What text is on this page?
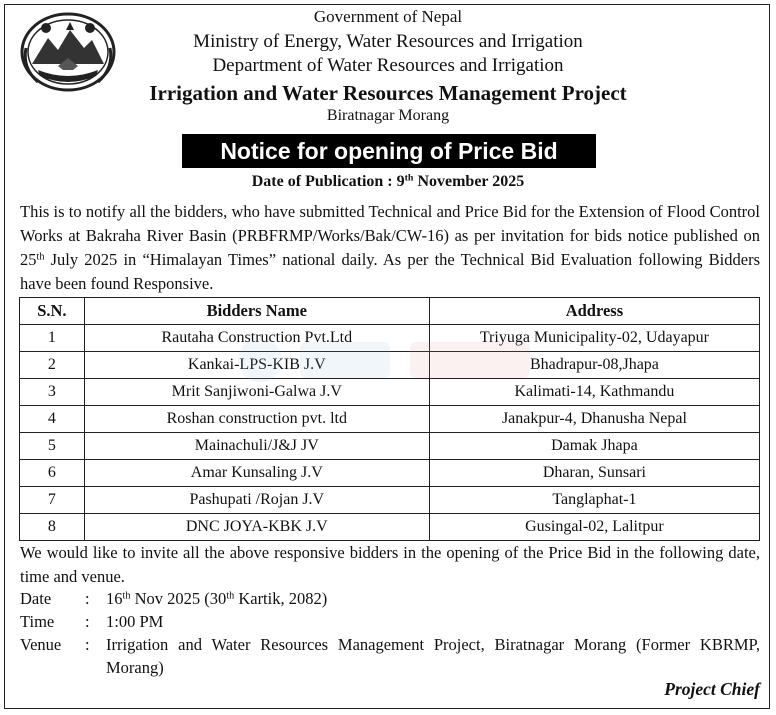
Government of Nepal
Ministry of Energy, Water Resources and Irrigation
Department of Water Resources and Irrigation
Irrigation and Water Resources Management Project
Biratnagar Morang
Notice for opening of Price Bid
Date of Publication : 9th November 2025
This is to notify all the bidders, who have submitted Technical and Price Bid for the Extension of Flood Control Works at Bakraha River Basin (PRBFRMP/Works/Bak/CW-16) as per invitation for bids notice published on 25th July 2025 in “Himalayan Times” national daily. As per the Technical Bid Evaluation following Bidders have been found Responsive.
S.N.	Bidders Name	Address
1	Rautaha Construction Pvt.Ltd	Triyuga Municipality-02, Udayapur
2	Kankai-LPS-KIB J.V	Bhadrapur-08,Jhapa
3	Mrit Sanjiwoni-Galwa J.V	Kalimati-14, Kathmandu
4	Roshan construction pvt. ltd	Janakpur-4, Dhanusha Nepal
5	Mainachuli/J&J JV	Damak Jhapa
6	Amar Kunsaling J.V	Dharan, Sunsari
7	Pashupati /Rojan J.V	Tanglaphat-1
8	DNC JOYA-KBK J.V	Gusingal-02, Lalitpur
We would like to invite all the above responsive bidders in the opening of the Price Bid in the following date, time and venue.
Date : 16th Nov 2025 (30th Kartik, 2082)
Time : 1:00 PM
Venue : Irrigation and Water Resources Management Project, Biratnagar Morang (Former KBRMP, Morang)
Project Chief
